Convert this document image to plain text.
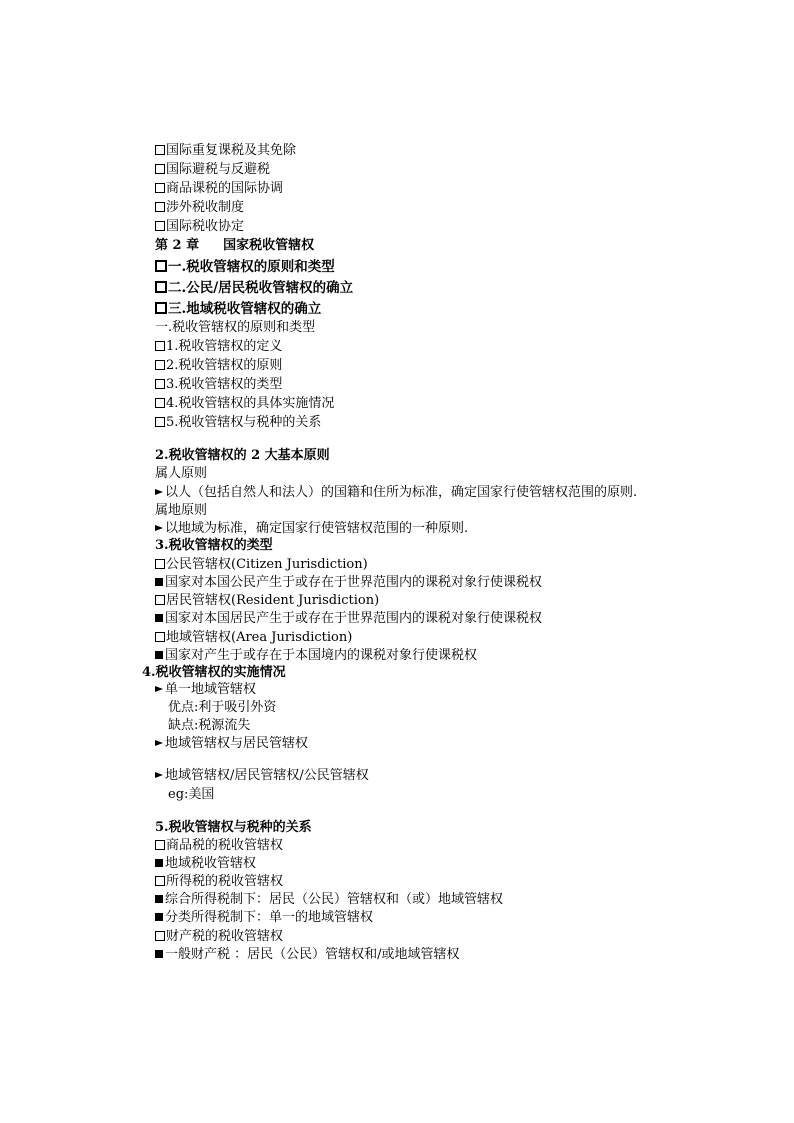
国际重复课税及其免除
国际避税与反避税
商品课税的国际协调
涉外税收制度
国际税收协定
第 2 章 国家税收管辖权
一.税收管辖权的原则和类型
二.公民/居民税收管辖权的确立
三.地域税收管辖权的确立
一.税收管辖权的原则和类型
1.税收管辖权的定义
2.税收管辖权的原则
3.税收管辖权的类型
4.税收管辖权的具体实施情况
5.税收管辖权与税种的关系
2.税收管辖权的 2 大基本原则
属人原则
以人（包括自然人和法人）的国籍和住所为标准，确定国家行使管辖权范围的原则.
属地原则
以地域为标准，确定国家行使管辖权范围的一种原则.
3.税收管辖权的类型
公民管辖权(Citizen Jurisdiction)
国家对本国公民产生于或存在于世界范围内的课税对象行使课税权
居民管辖权(Resident Jurisdiction)
国家对本国居民产生于或存在于世界范围内的课税对象行使课税权
地域管辖权(Area Jurisdiction)
国家对产生于或存在于本国境内的课税对象行使课税权
4.税收管辖权的实施情况
单一地域管辖权
优点:利于吸引外资
缺点:税源流失
地域管辖权与居民管辖权
地域管辖权/居民管辖权/公民管辖权
eg:美国
5.税收管辖权与税种的关系
商品税的税收管辖权
地域税收管辖权
所得税的税收管辖权
综合所得税制下：居民（公民）管辖权和（或）地域管辖权
分类所得税制下：单一的地域管辖权
财产税的税收管辖权
一般财产税 ：居民（公民）管辖权和/或地域管辖权
